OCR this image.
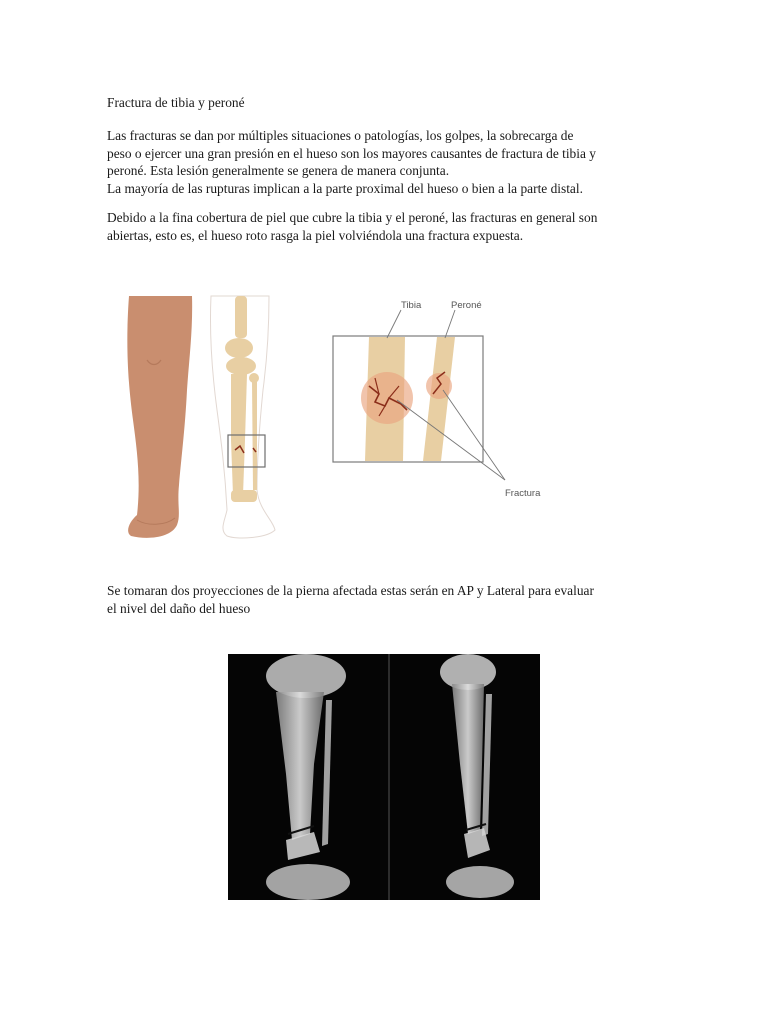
Fractura de tibia y peroné

Las fracturas se dan por múltiples situaciones o patologías, los golpes, la sobrecarga de

peso o ejercer una gran presión en el hueso son los mayores causantes de fractura de tibia y

peroné. Esta lesión generalmente se genera de manera conjunta.

La mayoría de las rupturas implican a la parte proximal del hueso o bien a la parte distal.

Debido a la fina cobertura de piel que cubre la tibia y el peroné, las fracturas en general son

abiertas, esto es, el hueso roto rasga la piel volviéndola una fractura expuesta.

Tibia	Peroné
Fractura

Se tomaran dos proyecciones de la pierna afectada estas serán en AP y Lateral para evaluar

el nivel del daño del hueso
